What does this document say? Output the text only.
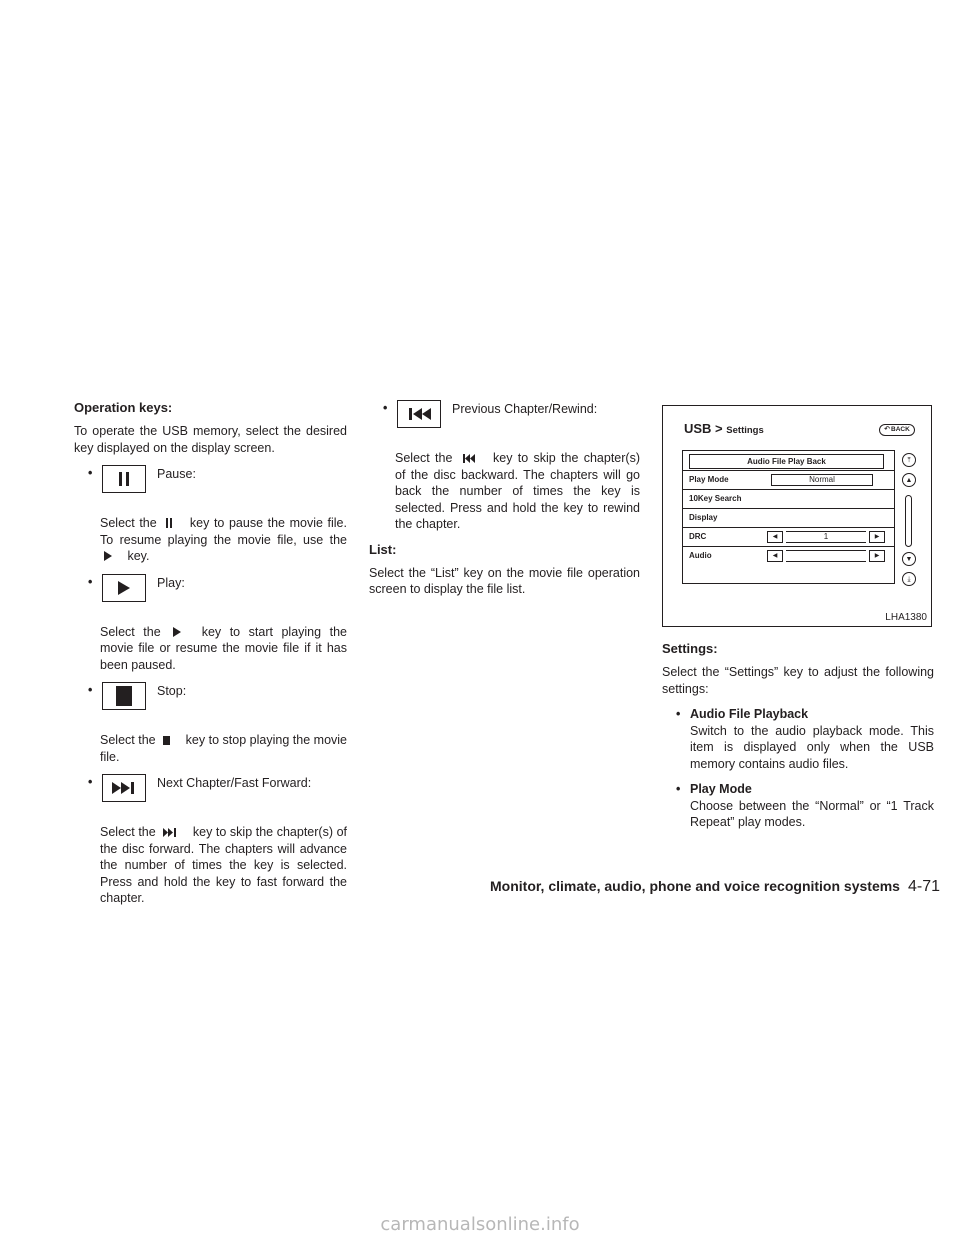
Operation keys:

To operate the USB memory, select the desired key displayed on the display screen.

•	Pause:

Select the	key to pause the movie file. To resume playing the movie file, use the  key.

•	Play:

Select the	key to start playing the movie file or resume the movie file if it has been paused.

•	Stop:

Select the key to stop playing the movie file.

•	Next Chapter/Fast Forward:

Select the	key to skip the chapter(s) of the disc forward. The chapters will advance the number of times the key is selected. Press and hold the key to fast forward the chapter.

•	Previous Chapter/Rewind:

Select the	key to skip the chapter(s) of the disc backward. The chapters will go back the number of times the key is selected. Press and hold the key to rewind the chapter.

List:

Select the “List” key on the movie file operation screen to display the file list.

USB > Settings	↶ BACK
Audio File Play Back
Play Mode	Normal
10Key Search
Display
DRC	◀	1	▶
Audio	◀	▶
⤒
▲
▼
⤓
LHA1380
Settings:

Select the “Settings” key to adjust the following settings:

• Audio File Playback
Switch to the audio playback mode. This item is displayed only when the USB memory contains audio files.
• Play Mode
Choose between the “Normal” or “1 Track Repeat” play modes.
Monitor, climate, audio, phone and voice recognition systems 4-71
carmanualsonline.info
